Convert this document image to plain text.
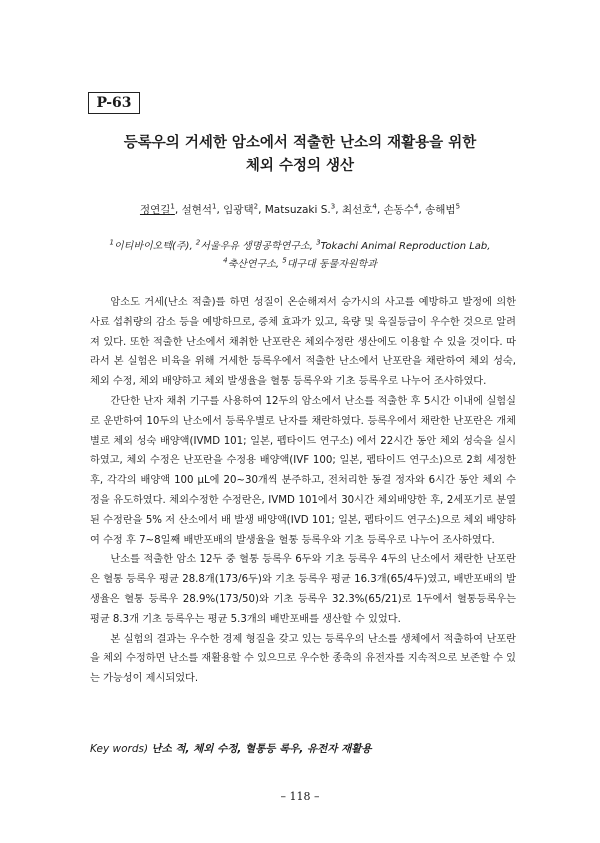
P-63
등록우의 거세한 암소에서 적출한 난소의 재활용을 위한
체외 수정의 생산
정연길$^1$, 설현석$^1$, 임광택$^2$, Matsuzaki S.$^3$, 최선호$^4$, 손동수$^4$, 송해범$^5$
$^1$이티바이오텍(주), $^2$서울우유 생명공학연구소, $^3$Tokachi Animal Reproduction Lab,
$^4$축산연구소, $^5$대구대 동물자원학과

암소도 거세(난소 적출)를 하면 성질이 온순해져서 승가시의 사고를 예방하고 발정에 의한 사료 섭취량의 감소 등을 예방하므로, 증체 효과가 있고, 육량 및 육질등급이 우수한 것으로 알려져 있다. 또한 적출한 난소에서 채취한 난포란은 체외수정란 생산에도 이용할 수 있을 것이다. 따라서 본 실험은 비육을 위해 거세한 등록우에서 적출한 난소에서 난포란을 채란하여 체외 성숙, 체외 수정, 체외 배양하고 체외 발생율을 혈통 등록우와 기초 등록우로 나누어 조사하였다.

간단한 난자 채취 기구를 사용하여 12두의 암소에서 난소를 적출한 후 5시간 이내에 실험실로 운반하여 10두의 난소에서 등록우별로 난자를 채란하였다. 등록우에서 채란한 난포란은 개체별로 체외 성숙 배양액(IVMD 101; 일본, 펩타이드 연구소) 에서 22시간 동안 체외 성숙을 실시하였고, 체외 수정은 난포란을 수정용 배양액(IVF 100; 일본, 펩타이드 연구소)으로 2회 세정한 후, 각각의 배양액 100 μL에 20~30개씩 분주하고, 전처리한 동결 정자와 6시간 동안 체외 수정을 유도하였다. 체외수정한 수정란은, IVMD 101에서 30시간 체외배양한 후, 2세포기로 분열된 수정란을 5% 저 산소에서 배 발생 배양액(IVD 101; 일본, 펩타이드 연구소)으로 체외 배양하여 수정 후 7~8일째 배반포배의 발생율을 혈통 등록우와 기초 등록우로 나누어 조사하였다.

난소를 적출한 암소 12두 중 혈통 등록우 6두와 기초 등록우 4두의 난소에서 채란한 난포란은 혈통 등록우 평균 28.8개(173/6두)와 기초 등록우 평균 16.3개(65/4두)였고, 배반포배의 발생율은 혈통 등록우 28.9%(173/50)와 기초 등록우 32.3%(65/21)로 1두에서 혈통등록우는 평균 8.3개 기초 등록우는 평균 5.3개의 배반포배를 생산할 수 있었다.

본 실험의 결과는 우수한 경제 형질을 갖고 있는 등록우의 난소를 생체에서 적출하여 난포란을 체외 수정하면 난소를 재활용할 수 있으므로 우수한 종축의 유전자를 지속적으로 보존할 수 있는 가능성이 제시되었다.

Key words) 난소 적, 체외 수정, 혈통등 록우, 유전자 재활용
– 118 –
